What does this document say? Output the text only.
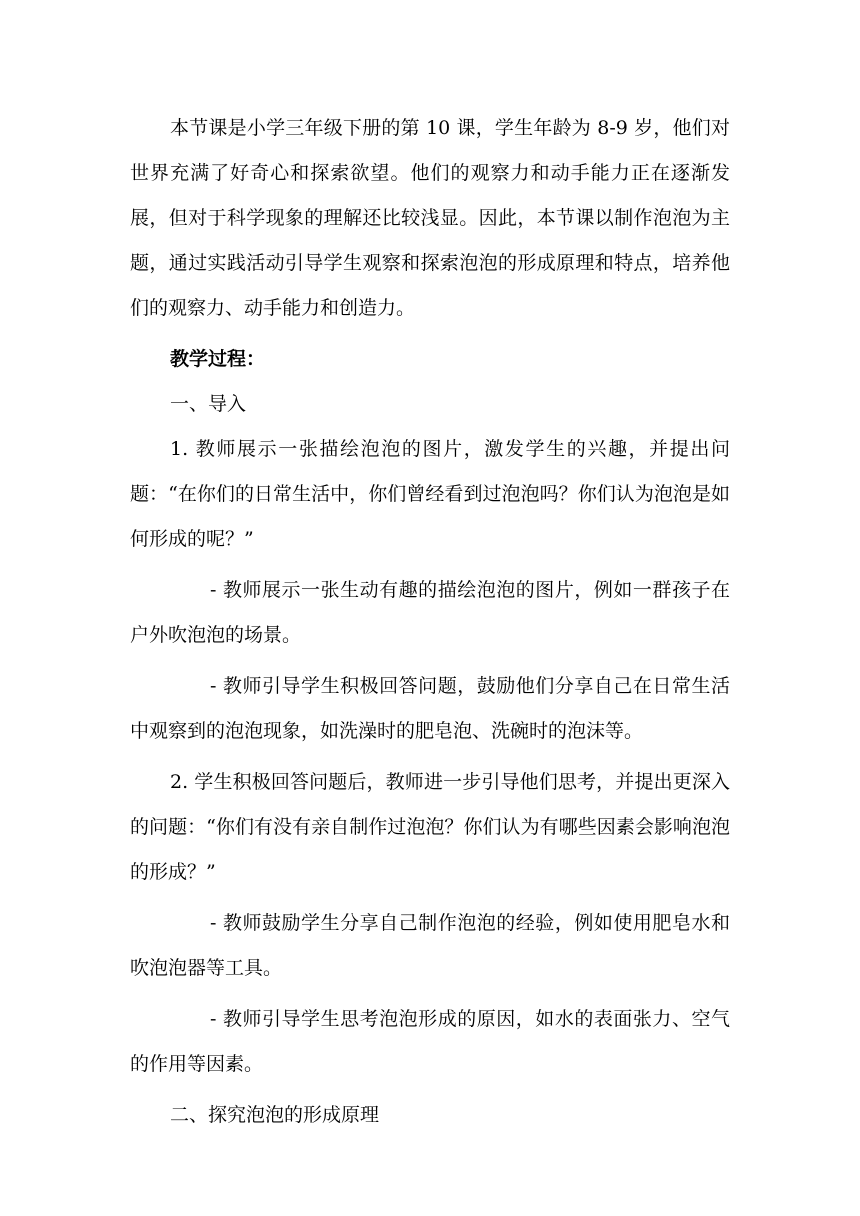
本节课是小学三年级下册的第 10 课，学生年龄为 8-9 岁，他们对世界充满了好奇心和探索欲望。他们的观察力和动手能力正在逐渐发展，但对于科学现象的理解还比较浅显。因此，本节课以制作泡泡为主题，通过实践活动引导学生观察和探索泡泡的形成原理和特点，培养他们的观察力、动手能力和创造力。

教学过程：

一、导入

1. 教师展示一张描绘泡泡的图片，激发学生的兴趣，并提出问题：“在你们的日常生活中，你们曾经看到过泡泡吗？你们认为泡泡是如何形成的呢？”

- 教师展示一张生动有趣的描绘泡泡的图片，例如一群孩子在户外吹泡泡的场景。

- 教师引导学生积极回答问题，鼓励他们分享自己在日常生活中观察到的泡泡现象，如洗澡时的肥皂泡、洗碗时的泡沫等。

2. 学生积极回答问题后，教师进一步引导他们思考，并提出更深入的问题：“你们有没有亲自制作过泡泡？你们认为有哪些因素会影响泡泡的形成？”

- 教师鼓励学生分享自己制作泡泡的经验，例如使用肥皂水和吹泡泡器等工具。

- 教师引导学生思考泡泡形成的原因，如水的表面张力、空气的作用等因素。

二、探究泡泡的形成原理
